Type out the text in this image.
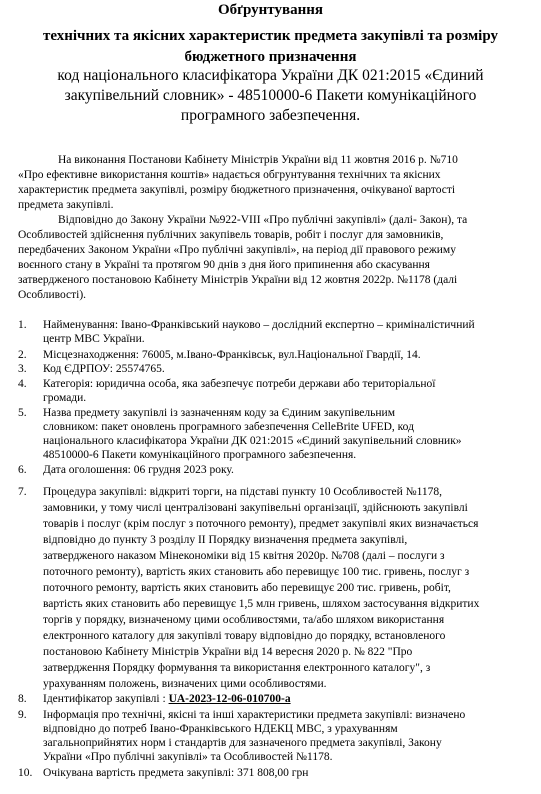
Обґрунтування
технічних та якісних характеристик предмета закупівлі та розміру
бюджетного призначення
код національного класифікатора України ДК 021:2015 «Єдиний
закупівельний словник» - 48510000-6 Пакети комунікаційного
програмного забезпечення.
На виконання Постанови Кабінету Міністрів України від 11 жовтня 2016 р. №710
«Про ефективне використання коштів» надається обгрунтування технічних та якісних
характеристик предмета закупівлі, розміру бюджетного призначення, очікуваної вартості
предмета закупівлі.
Відповідно до Закону України №922-VIII «Про публічні закупівлі» (далі- Закон), та
Особливостей здійснення публічних закупівель товарів, робіт і послуг для замовників,
передбачених Законом України «Про публічні закупівлі», на період дії правового режиму
воєнного стану в Україні та протягом 90 днів з дня його припинення або скасування
затвердженого постановою Кабінету Міністрів України від 12 жовтня 2022р. №1178 (далі
Особливості).
1. Найменування: Івано-Франківський науково – дослідний експертно – криміналістичний
центр МВС України.
2. Місцезнаходження: 76005, м.Івано-Франківськ, вул.Національної Гвардії, 14.
3. Код ЄДРПОУ: 25574765.
4. Категорія: юридична особа, яка забезпечує потреби держави або територіальної
громади.
5. Назва предмету закупівлі із зазначенням коду за Єдиним закупівельним
словником: пакет оновлень програмного забезпечення CelleBrite UFED, код
національного класифікатора України ДК 021:2015 «Єдиний закупівельний словник»
48510000-6 Пакети комунікаційного програмного забезпечення.
6. Дата оголошення: 06 грудня 2023 року.
7. Процедура закупівлі: відкриті торги, на підставі пункту 10 Особливостей №1178,
замовники, у тому числі централізовані закупівельні організації, здійснюють закупівлі
товарів і послуг (крім послуг з поточного ремонту), предмет закупівлі яких визначається
відповідно до пункту 3 розділу ІІ Порядку визначення предмета закупівлі,
затвердженого наказом Мінекономіки від 15 квітня 2020р. №708 (далі – послуги з
поточного ремонту), вартість яких становить або перевищує 100 тис. гривень, послуг з
поточного ремонту, вартість яких становить або перевищує 200 тис. гривень, робіт,
вартість яких становить або перевищує 1,5 млн гривень, шляхом застосування відкритих
торгів у порядку, визначеному цими особливостями, та/або шляхом використання
електронного каталогу для закупівлі товару відповідно до порядку, встановленого
постановою Кабінету Міністрів України від 14 вересня 2020 р. № 822 "Про
затвердження Порядку формування та використання електронного каталогу", з
урахуванням положень, визначених цими особливостями.
8. Ідентифікатор закупівлі : UA-2023-12-06-010700-a
9. Інформація про технічні, якісні та інші характеристики предмета закупівлі: визначено
відповідно до потреб Івано-Франківського НДЕКЦ МВС, з урахуванням
загальноприйнятих норм і стандартів для зазначеного предмета закупівлі, Закону
України «Про публічні закупівлі» та Особливостей №1178.
10. Очікувана вартість предмета закупівлі: 371 808,00 грн
